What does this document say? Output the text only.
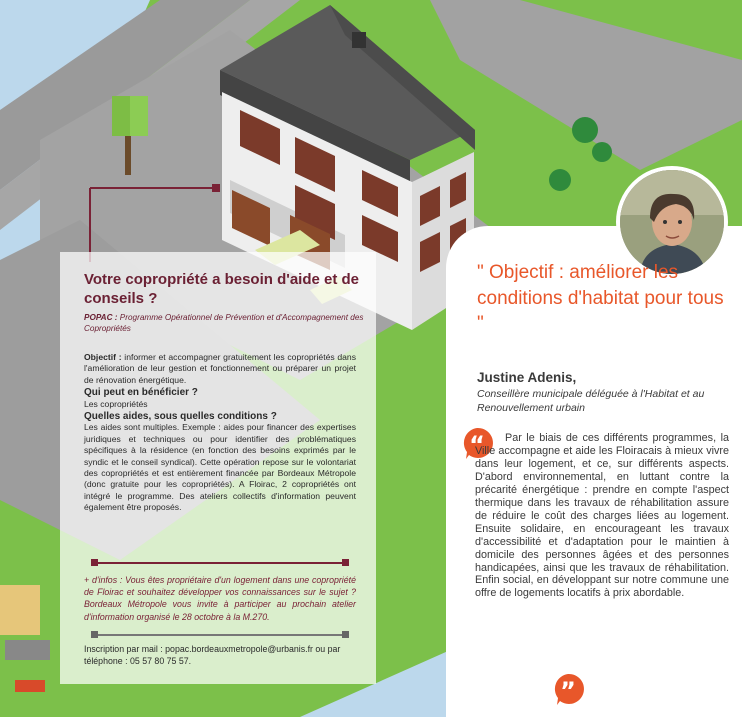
Votre copropriété a besoin d'aide et de conseils ?
POPAC : Programme Opérationnel de Prévention et d'Accompagnement des Copropriétés
Objectif : informer et accompagner gratuitement les copropriétés dans l'amélioration de leur gestion et fonctionnement ou préparer un projet de rénovation énergétique.
Qui peut en bénéficier ?
Les copropriétés
Quelles aides, sous quelles conditions ?
Les aides sont multiples. Exemple : aides pour financer des expertises juridiques et techniques ou pour identifier des problématiques spécifiques à la résidence (en fonction des besoins exprimés par le syndic et le conseil syndical). Cette opération repose sur le volontariat des copropriétés et est entièrement financée par Bordeaux Métropole (donc gratuite pour les copropriétés). A Floirac, 2 copropriétés ont intégré le programme. Des ateliers collectifs d'information peuvent également être proposés.
+ d'infos : Vous êtes propriétaire d'un logement dans une copropriété de Floirac et souhaitez développer vos connaissances sur le sujet ? Bordeaux Métropole vous invite à participer au prochain atelier d'information organisé le 28 octobre à la M.270.
Inscription par mail : popac.bordeauxmetropole@urbanis.fr ou par téléphone : 05 57 80 75 57.
" Objectif : améliorer les conditions d'habitat pour tous "
Justine Adenis,
Conseillère municipale déléguée à l'Habitat et au Renouvellement urbain
“	Par le biais de ces différents programmes, la Ville accompagne et aide les Floiracais à mieux vivre dans leur logement, et ce, sur différents aspects. D'abord environnemental, en luttant contre la précarité énergétique : prendre en compte l'aspect thermique dans les travaux de réhabilitation assure de réduire le coût des charges liées au logement. Ensuite solidaire, en encourageant les travaux d'accessibilité et d'adaptation pour le maintien à domicile des personnes âgées et des personnes handicapées, ainsi que les travaux de réhabilitation. Enfin social, en développant sur notre commune une offre de logements locatifs à prix abordable.
”
